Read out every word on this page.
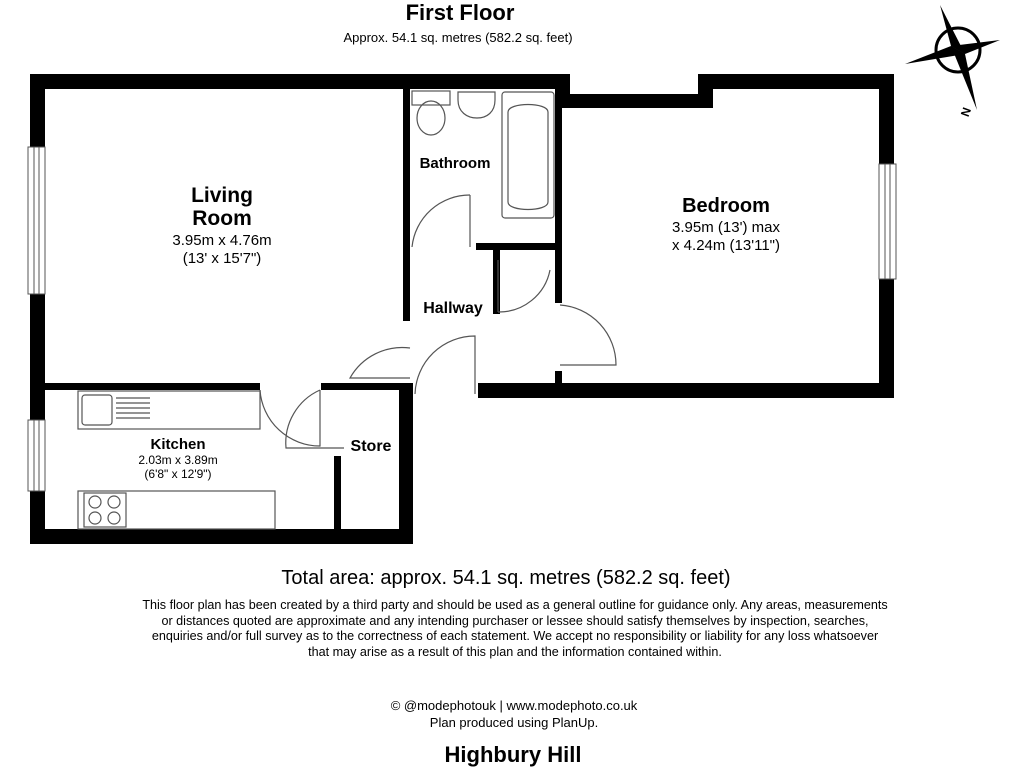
First Floor
Approx. 54.1 sq. metres (582.2 sq. feet)
N
Living
Room
3.95m x 4.76m
(13' x 15'7")
Bathroom
Bedroom
3.95m (13') max
x 4.24m (13'11")
Hallway
Kitchen
2.03m x 3.89m
(6'8" x 12'9")
Store
Total area: approx. 54.1 sq. metres (582.2 sq. feet)
© @modephotouk | www.modephoto.co.uk
Plan produced using PlanUp.
Highbury Hill
This floor plan has been created by a third party and should be used as a general outline for guidance only. Any areas, measurements or distances quoted are approximate and any intending purchaser or lessee should satisfy themselves by inspection, searches, enquiries and/or full survey as to the correctness of each statement. We accept no responsibility or liability for any loss whatsoever that may arise as a result of this plan and the information contained within.
